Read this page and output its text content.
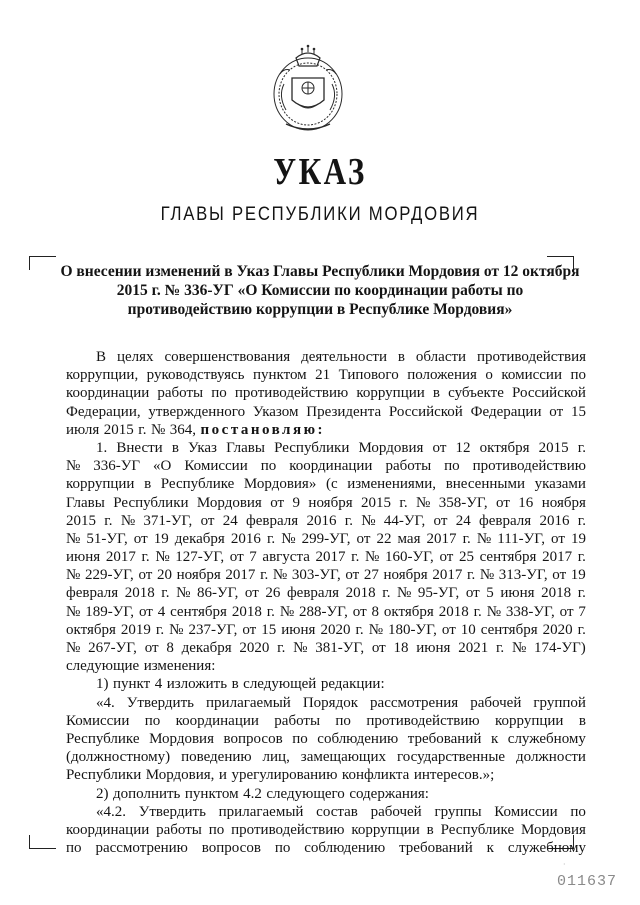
УКАЗ
ГЛАВЫ РЕСПУБЛИКИ МОРДОВИЯ
О внесении изменений в Указ Главы Республики Мордовия от 12 октября
2015 г. № 336-УГ «О Комиссии по координации работы по
противодействию коррупции в Республике Мордовия»
В целях совершенствования деятельности в области противодействия
коррупции, руководствуясь пунктом 21 Типового положения о комиссии по
координации работы по противодействию коррупции в субъекте Российской
Федерации, утвержденного Указом Президента Российской Федерации от 15
июля 2015 г. № 364, постановляю:
1. Внести в Указ Главы Республики Мордовия от 12 октября 2015 г.
№ 336-УГ «О Комиссии по координации работы по противодействию
коррупции в Республике Мордовия» (с изменениями, внесенными указами
Главы Республики Мордовия от 9 ноября 2015 г. № 358-УГ, от 16 ноября
2015 г. № 371-УГ, от 24 февраля 2016 г. № 44-УГ, от 24 февраля 2016 г.
№ 51-УГ, от 19 декабря 2016 г. № 299-УГ, от 22 мая 2017 г. № 111-УГ, от 19
июня 2017 г. № 127-УГ, от 7 августа 2017 г. № 160-УГ, от 25 сентября 2017 г.
№ 229-УГ, от 20 ноября 2017 г. № 303-УГ, от 27 ноября 2017 г. № 313-УГ, от 19
февраля 2018 г. № 86-УГ, от 26 февраля 2018 г. № 95-УГ, от 5 июня 2018 г.
№ 189-УГ, от 4 сентября 2018 г. № 288-УГ, от 8 октября 2018 г. № 338-УГ, от 7
октября 2019 г. № 237-УГ, от 15 июня 2020 г. № 180-УГ, от 10 сентября 2020 г.
№ 267-УГ, от 8 декабря 2020 г. № 381-УГ, от 18 июня 2021 г. № 174-УГ)
следующие изменения:
1) пункт 4 изложить в следующей редакции:
«4. Утвердить прилагаемый Порядок рассмотрения рабочей группой
Комиссии по координации работы по противодействию коррупции в
Республике Мордовия вопросов по соблюдению требований к служебному
(должностному) поведению лиц, замещающих государственные должности
Республики Мордовия, и урегулированию конфликта интересов.»;
2) дополнить пунктом 4.2 следующего содержания:
«4.2. Утвердить прилагаемый состав рабочей группы Комиссии по
координации работы по противодействию коррупции в Республике Мордовия
по рассмотрению вопросов по соблюдению требований к служебному
·
011637
